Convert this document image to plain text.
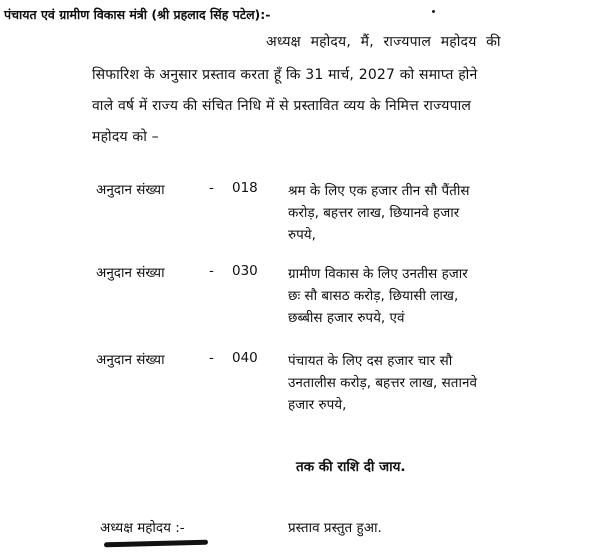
पंचायत एवं ग्रामीण विकास मंत्री (श्री प्रहलाद सिंह पटेल):-
अध्यक्ष महोदय, मैं, राज्यपाल महोदय की
सिफारिश के अनुसार प्रस्ताव करता हूँ कि 31 मार्च, 2027 को समाप्त होने
वाले वर्ष में राज्य की संचित निधि में से प्रस्तावित व्यय के निमित्त राज्यपाल
महोदय को –
अनुदान संख्या	- 018 श्रम के लिए एक हजार तीन सौ पैंतीस
करोड़, बहत्तर लाख, छियानवे हजार
रुपये,
अनुदान संख्या	- 030 ग्रामीण विकास के लिए उनतीस हजार
छः सौ बासठ करोड़, छियासी लाख,
छब्बीस हजार रुपये, एवं
अनुदान संख्या	- 040 पंचायत के लिए दस हजार चार सौ
उनतालीस करोड़, बहत्तर लाख, सतानवे
हजार रुपये,
तक की राशि दी जाय.
अध्यक्ष महोदय :-	प्रस्ताव प्रस्तुत हुआ.
